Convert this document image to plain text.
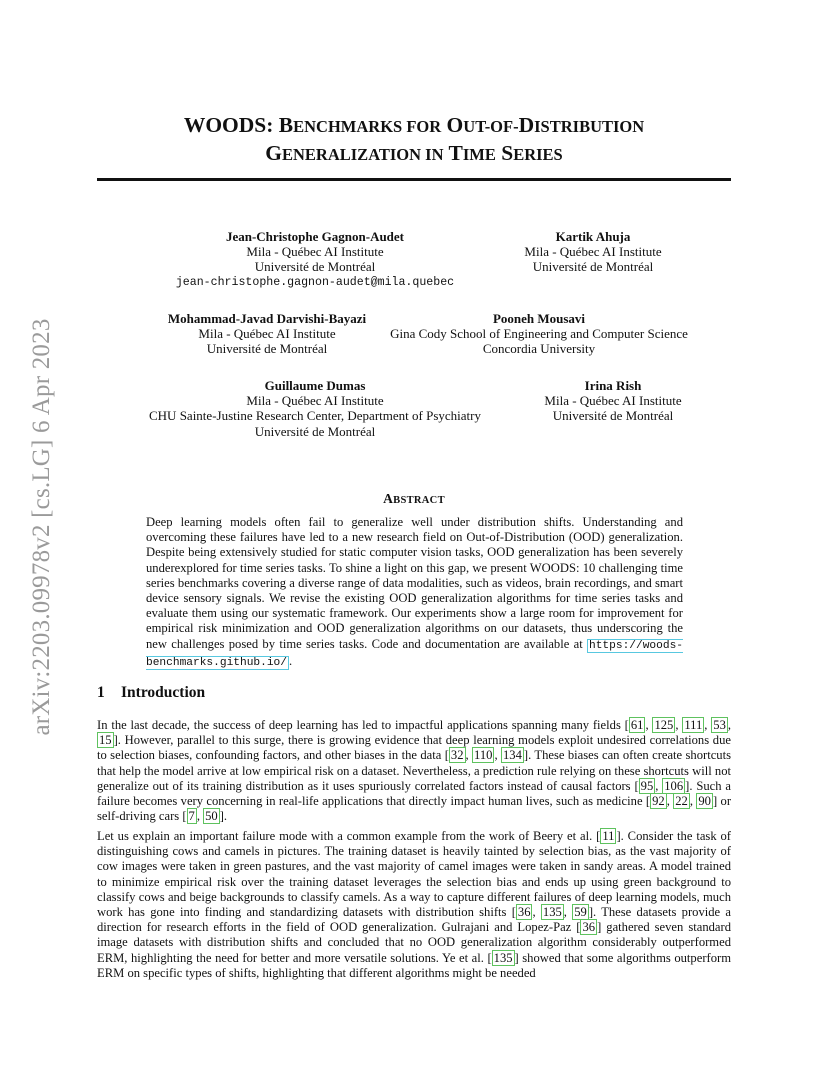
arXiv:2203.09978v2 [cs.LG] 6 Apr 2023
WOODS: BENCHMARKS FOR OUT-OF-DISTRIBUTION
GENERALIZATION IN TIME SERIES
Jean-Christophe Gagnon-Audet
Mila - Québec AI Institute
Université de Montréal
jean-christophe.gagnon-audet@mila.quebec
Kartik Ahuja
Mila - Québec AI Institute
Université de Montréal
Mohammad-Javad Darvishi-Bayazi
Mila - Québec AI Institute
Université de Montréal
Pooneh Mousavi
Gina Cody School of Engineering and Computer Science
Concordia University
Guillaume Dumas
Mila - Québec AI Institute
CHU Sainte-Justine Research Center, Department of Psychiatry
Université de Montréal
Irina Rish
Mila - Québec AI Institute
Université de Montréal
ABSTRACT
Deep learning models often fail to generalize well under distribution shifts. Understanding and overcoming these failures have led to a new research field on Out-of-Distribution (OOD) generalization. Despite being extensively studied for static computer vision tasks, OOD generalization has been severely underexplored for time series tasks. To shine a light on this gap, we present WOODS: 10 challenging time series benchmarks covering a diverse range of data modalities, such as videos, brain recordings, and smart device sensory signals. We revise the existing OOD generalization algorithms for time series tasks and evaluate them using our systematic framework. Our experiments show a large room for improvement for empirical risk minimization and OOD generalization algorithms on our datasets, thus underscoring the new challenges posed by time series tasks. Code and documentation are available at https://woods-benchmarks.github.io/ .
1 Introduction
In the last decade, the success of deep learning has led to impactful applications spanning many fields [ 61 , 125 , 111 , 53 , 15 ]. However, parallel to this surge, there is growing evidence that deep learning models exploit undesired correlations due to selection biases, confounding factors, and other biases in the data [ 32 , 110 , 134 ]. These biases can often create shortcuts that help the model arrive at low empirical risk on a dataset. Nevertheless, a prediction rule relying on these shortcuts will not generalize out of its training distribution as it uses spuriously correlated factors instead of causal factors [ 95 , 106 ]. Such a failure becomes very concerning in real-life applications that directly impact human lives, such as medicine [ 92 , 22 , 90 ] or self-driving cars [ 7 , 50 ].
Let us explain an important failure mode with a common example from the work of Beery et al. [ 11 ]. Consider the task of distinguishing cows and camels in pictures. The training dataset is heavily tainted by selection bias, as the vast majority of cow images were taken in green pastures, and the vast majority of camel images were taken in sandy areas. A model trained to minimize empirical risk over the training dataset leverages the selection bias and ends up using green background to classify cows and beige backgrounds to classify camels. As a way to capture different failures of deep learning models, much work has gone into finding and standardizing datasets with distribution shifts [ 36 , 135 , 59 ]. These datasets provide a direction for research efforts in the field of OOD generalization. Gulrajani and Lopez-Paz [ 36 ] gathered seven standard image datasets with distribution shifts and concluded that no OOD generalization algorithm considerably outperformed ERM, highlighting the need for better and more versatile solutions. Ye et al. [ 135 ] showed that some algorithms outperform ERM on specific types of shifts, highlighting that different algorithms might be needed
